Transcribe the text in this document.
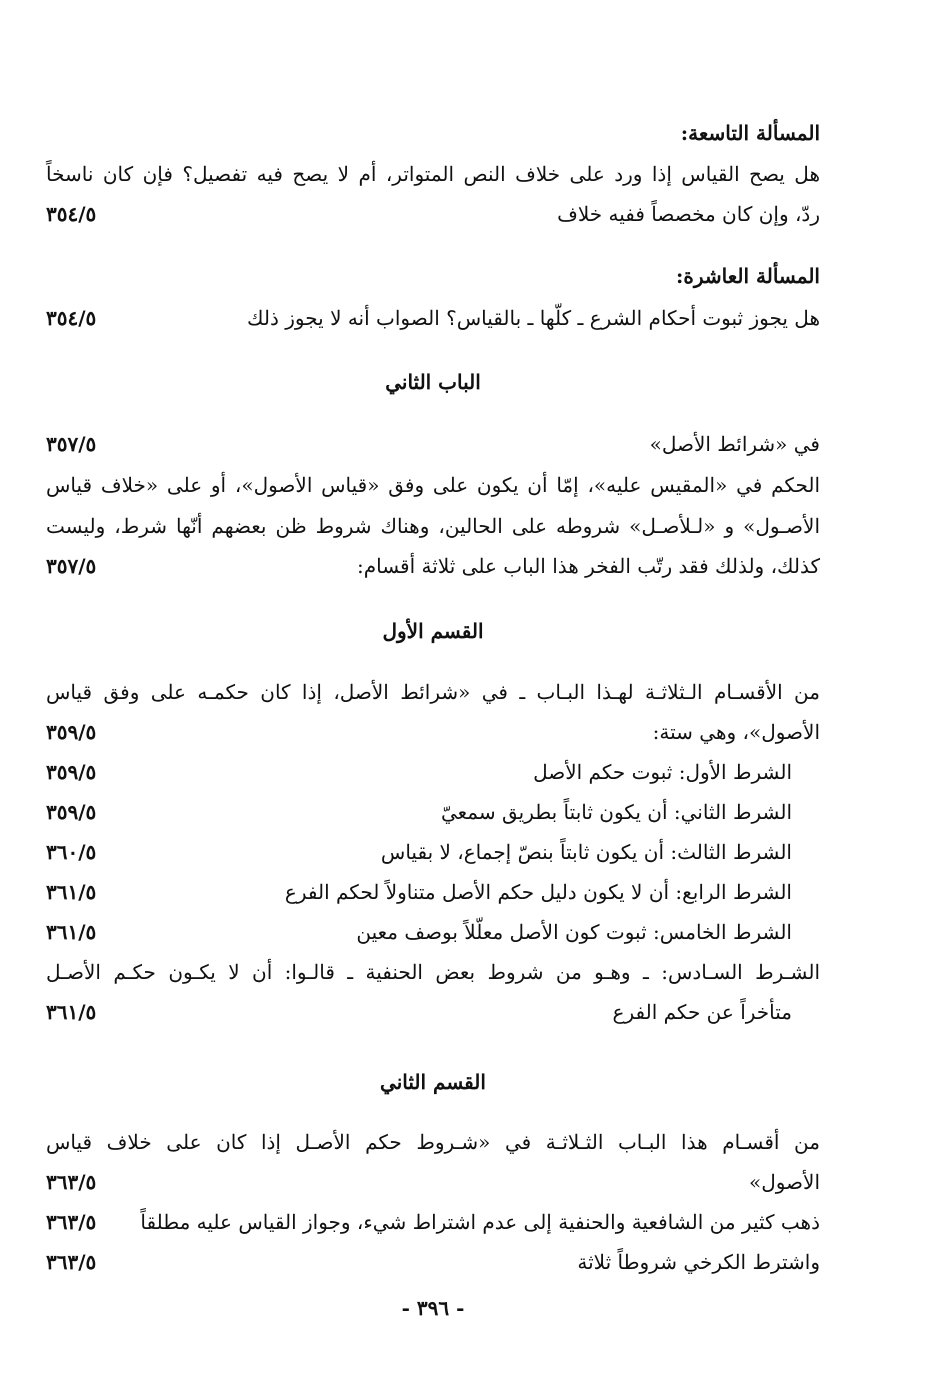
المسألة التاسعة:
هل يصح القياس إذا ورد على خلاف النص المتواتر، أم لا يصح فيه تفصيل؟ فإن كان ناسخاً
ردّ، وإن كان مخصصاً ففيه خلاف
٣٥٤/٥
المسألة العاشرة:
هل يجوز ثبوت أحكام الشرع ـ كلّها ـ بالقياس؟ الصواب أنه لا يجوز ذلك
٣٥٤/٥
الباب الثاني
في «شرائط الأصل»
٣٥٧/٥
الحكم في «المقيس عليه»، إمّا أن يكون على وفق «قياس الأصول»، أو على «خلاف قياس
الأصـول» و «لـلأصـل» شروطه على الحالين، وهناك شروط ظن بعضهم أنّها شرط، وليست
كذلك، ولذلك فقد رتّب الفخر هذا الباب على ثلاثة أقسام:
٣٥٧/٥
القسم الأول
من الأقسـام الـثلاثـة لهـذا البـاب ـ في «شرائط الأصل، إذا كان حكمـه على وفق قياس
الأصول»، وهي ستة:
٣٥٩/٥
الشرط الأول: ثبوت حكم الأصل
٣٥٩/٥
الشرط الثاني: أن يكون ثابتاً بطريق سمعيّ
٣٥٩/٥
الشرط الثالث: أن يكون ثابتاً بنصّ إجماع، لا بقياس
٣٦٠/٥
الشرط الرابع: أن لا يكون دليل حكم الأصل متناولاً لحكم الفرع
٣٦١/٥
الشرط الخامس: ثبوت كون الأصل معلّلاً بوصف معين
٣٦١/٥
الشـرط السـادس: ـ وهـو من شروط بعض الحنفية ـ قالـوا: أن لا يكـون حكـم الأصـل
متأخراً عن حكم الفرع
٣٦١/٥
القسم الثاني
من أقسـام هذا البـاب الثـلاثـة في «شـروط حكم الأصـل إذا كان على خلاف قياس
الأصول»
٣٦٣/٥
ذهب كثير من الشافعية والحنفية إلى عدم اشتراط شيء، وجواز القياس عليه مطلقاً
٣٦٣/٥
واشترط الكرخي شروطاً ثلاثة
٣٦٣/٥
- ٣٩٦ -
